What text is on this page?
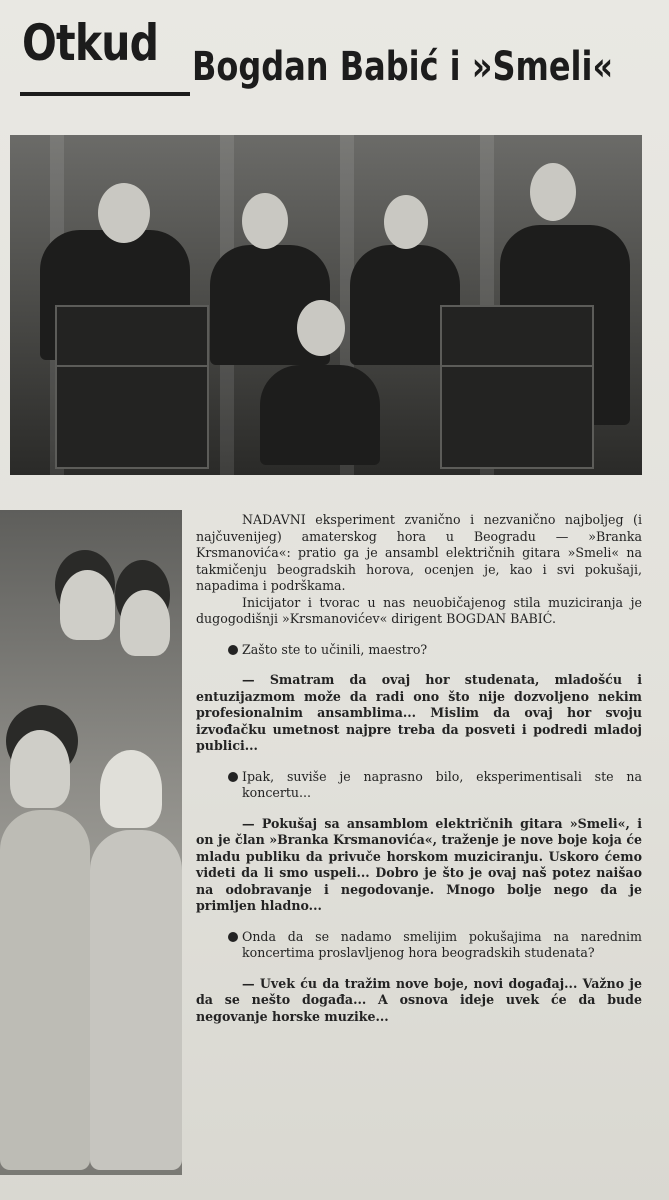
Otkud Bogdan Babić i »Smeli«

NADAVNI eksperiment zvanično i nezvanično najboljeg (i najčuvenijeg) amaterskog hora u Beogradu — »Branka Krsmanovića«: pratio ga je ansambl električnih gitara »Smeli« na takmičenju beogradskih horova, ocenjen je, kao i svi pokušaji, napadima i podrškama.

Inicijator i tvorac u nas neuobičajenog stila muziciranja je dugogodišnji »Krsmanovićev« dirigent BOGDAN BABIĆ.

Zašto ste to učinili, maestro?

— Smatram da ovaj hor studenata, mladošću i entuzijazmom može da radi ono što nije dozvoljeno nekim profesionalnim ansamblima... Mislim da ovaj hor svoju izvođačku umetnost najpre treba da posveti i podredi mladoj publici...

Ipak, suviše je naprasno bilo, eksperimentisali ste na koncertu...

— Pokušaj sa ansamblom električnih gitara »Smeli«, i on je član »Branka Krsmanovića«, traženje je nove boje koja će mladu publiku da privuče horskom muziciranju. Uskoro ćemo videti da li smo uspeli... Dobro je što je ovaj naš potez naišao na odobravanje i negodovanje. Mnogo bolje nego da je primljen hladno...

Onda da se nadamo smelijim pokušajima na narednim koncertima proslavljenog hora beogradskih studenata?

— Uvek ću da tražim nove boje, novi događaj... Važno je da se nešto događa... A osnova ideje uvek će da bude negovanje horske muzike...
